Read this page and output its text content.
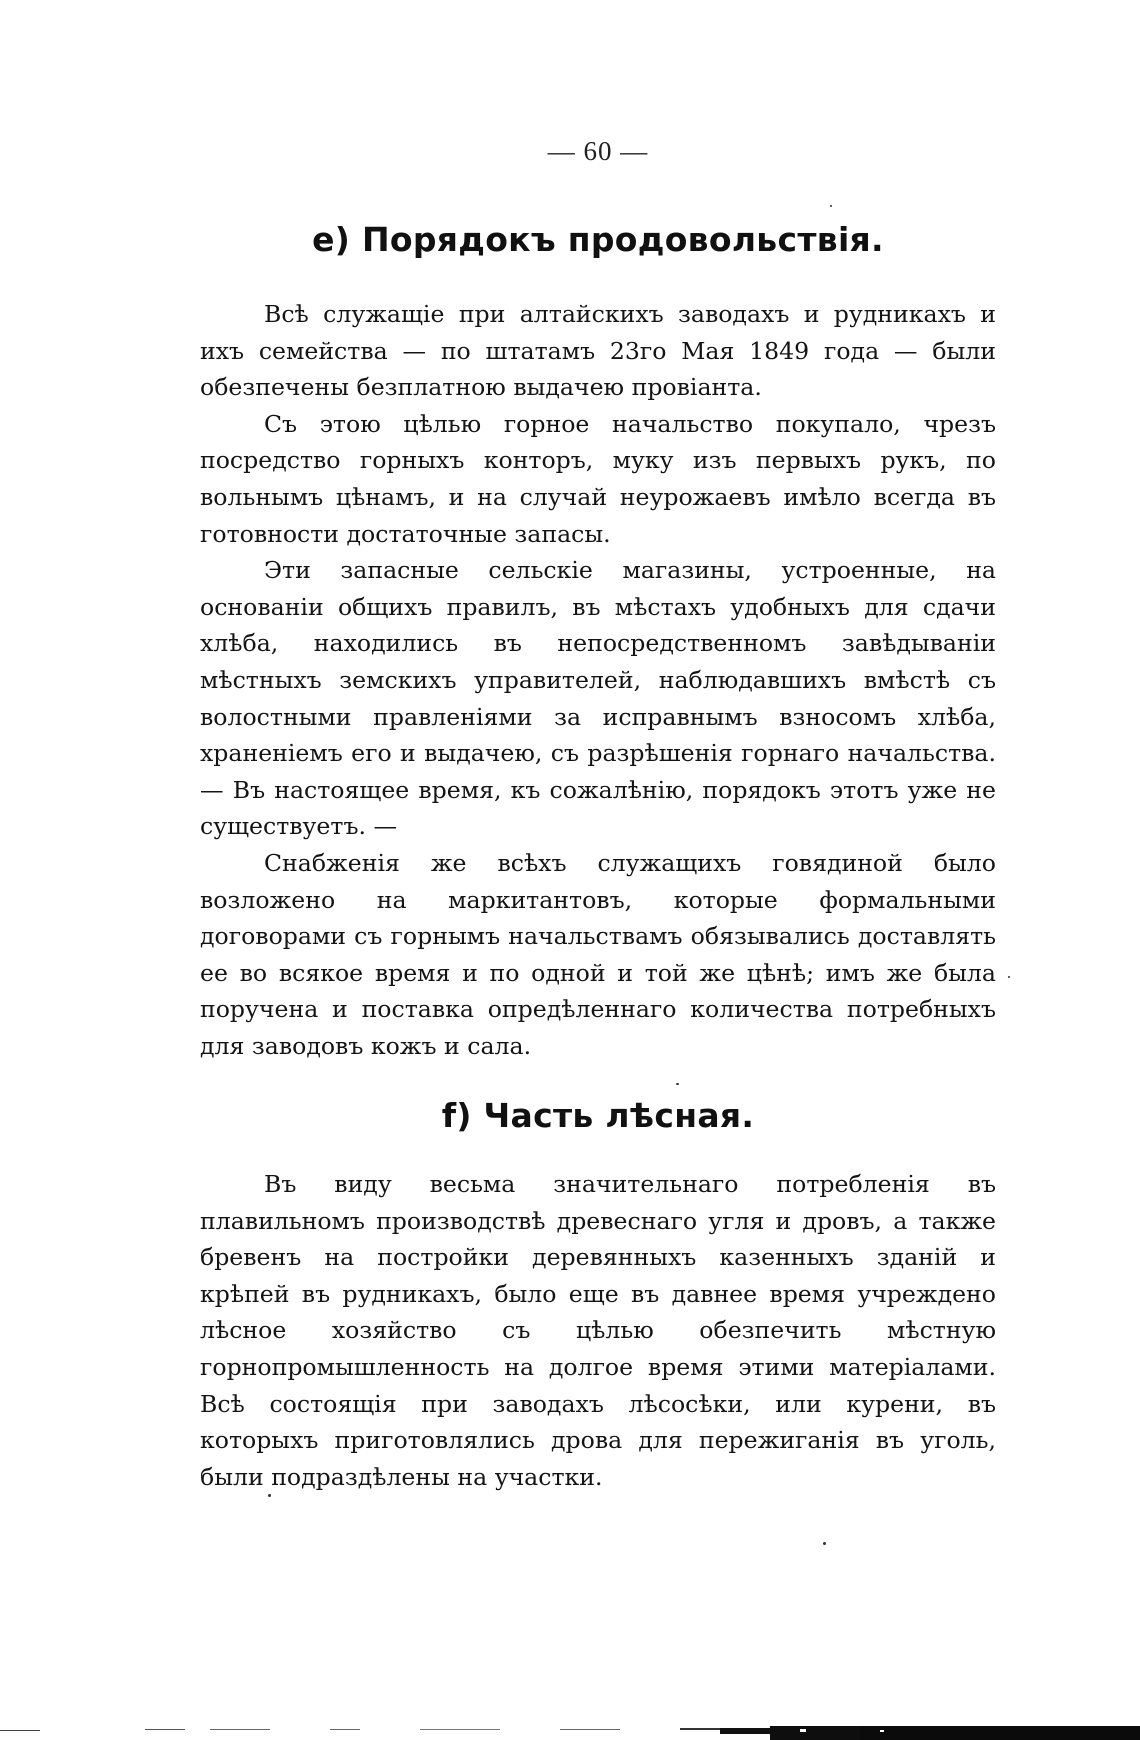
— 60 —
e) Порядокъ продовольствія.

Всѣ служащіе при алтайскихъ заводахъ и рудникахъ и ихъ семейства — по штатамъ 23го Мая 1849 года — были обезпечены безплатною выдачею провіанта.

Съ этою цѣлью горное начальство покупало, чрезъ посредство горныхъ конторъ, муку изъ первыхъ рукъ, по вольнымъ цѣнамъ, и на случай неурожаевъ имѣло всегда въ готовности достаточные запасы.

Эти запасные сельскіе магазины, устроенные, на основаніи общихъ правилъ, въ мѣстахъ удобныхъ для сдачи хлѣба, находились въ непосредственномъ завѣдываніи мѣстныхъ земскихъ управителей, наблюдавшихъ вмѣстѣ съ волостными правленіями за исправнымъ взносомъ хлѣба, храненіемъ его и выдачею, съ разрѣшенія горнаго начальства. — Въ настоящее время, къ сожалѣнію, порядокъ этотъ уже не существуетъ. —

Снабженія же всѣхъ служащихъ говядиной было возложено на маркитантовъ, которые формальными договорами съ горнымъ начальствамъ обязывались доставлять ее во всякое время и по одной и той же цѣнѣ; имъ же была поручена и поставка опредѣленнаго количества потребныхъ для заводовъ кожъ и сала.

f) Часть лѣсная.

Въ виду весьма значительнаго потребленія въ плавильномъ производствѣ древеснаго угля и дровъ, а также бревенъ на постройки деревянныхъ казенныхъ зданій и крѣпей въ рудникахъ, было еще въ давнее время учреждено лѣсное хозяйство съ цѣлью обезпечить мѣстную горнопромышленность на долгое время этими матеріалами. Всѣ состоящія при заводахъ лѣсосѣки, или курени, въ которыхъ приготовлялись дрова для пережиганія въ уголь, были подраздѣлены на участки.
